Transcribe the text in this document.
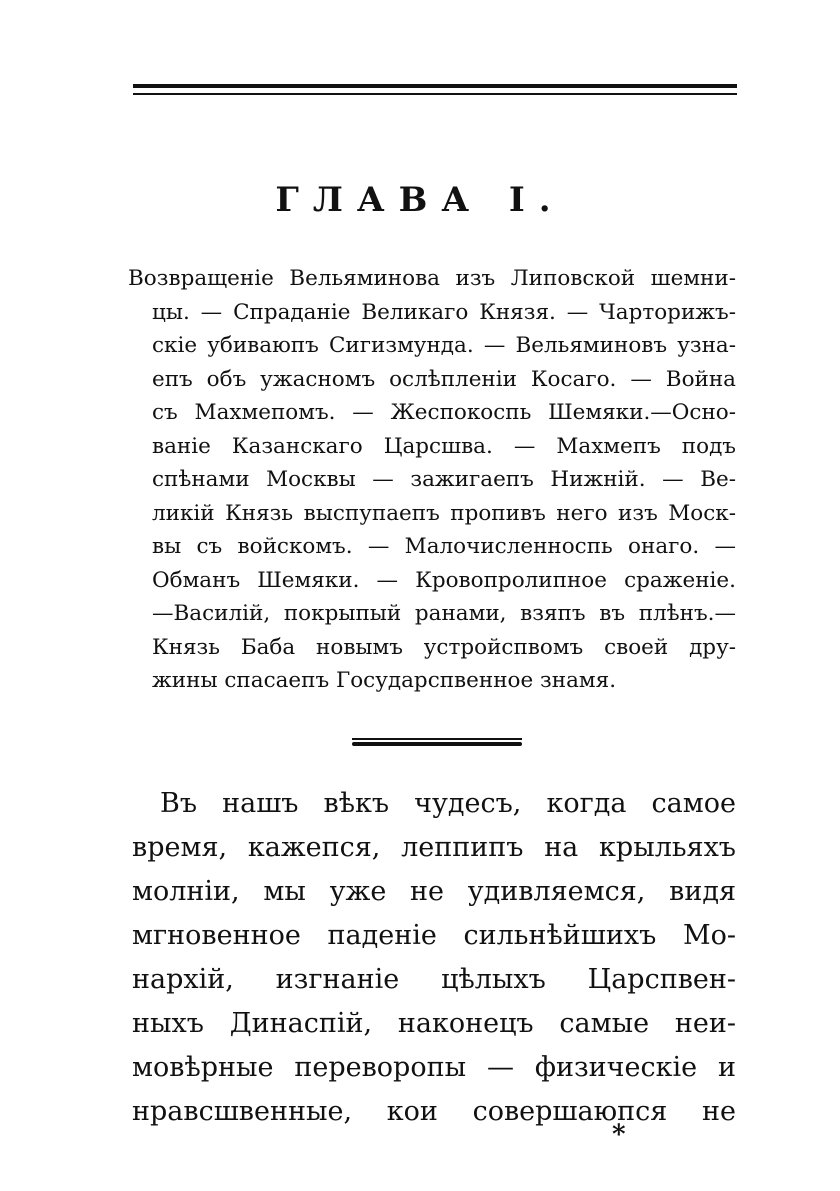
ГЛАВА I.
Возвращеніе Вельяминова изъ Липовской шемни-
цы. — Спраданіе Великаго Князя. — Чарторижъ-
скіе убиваюпъ Сигизмунда. — Вельяминовъ узна-
епъ объ ужасномъ ослѣпленіи Косаго. — Война
съ Махмепомъ. — Жеспокоспь Шемяки.—Осно-
ваніе Казанскаго Царсшва. — Махмепъ подъ
спѣнами Москвы — зажигаепъ Нижній. — Ве-
ликій Князь выспупаепъ пропивъ него изъ Моск-
вы съ войскомъ. — Малочисленноспь онаго. —
Обманъ Шемяки. — Кровопролипное сраженіе.
—Василій, покрыпый ранами, взяпъ въ плѣнъ.—
Князь Баба новымъ устройспвомъ своей дру-
жины спасаепъ Государспвенное знамя.
Въ нашъ вѣкъ чудесъ, когда самое
время, кажепся, леппипъ на крыльяхъ
молніи, мы уже не удивляемся, видя
мгновенное паденіе сильнѣйшихъ Мо-
нархій, изгнаніе цѣлыхъ Царспвен-
ныхъ Динаспій, наконецъ самые неи-
мовѣрные переворопы — физическіе и
нравсшвенные, кои совершаюпся не
*
